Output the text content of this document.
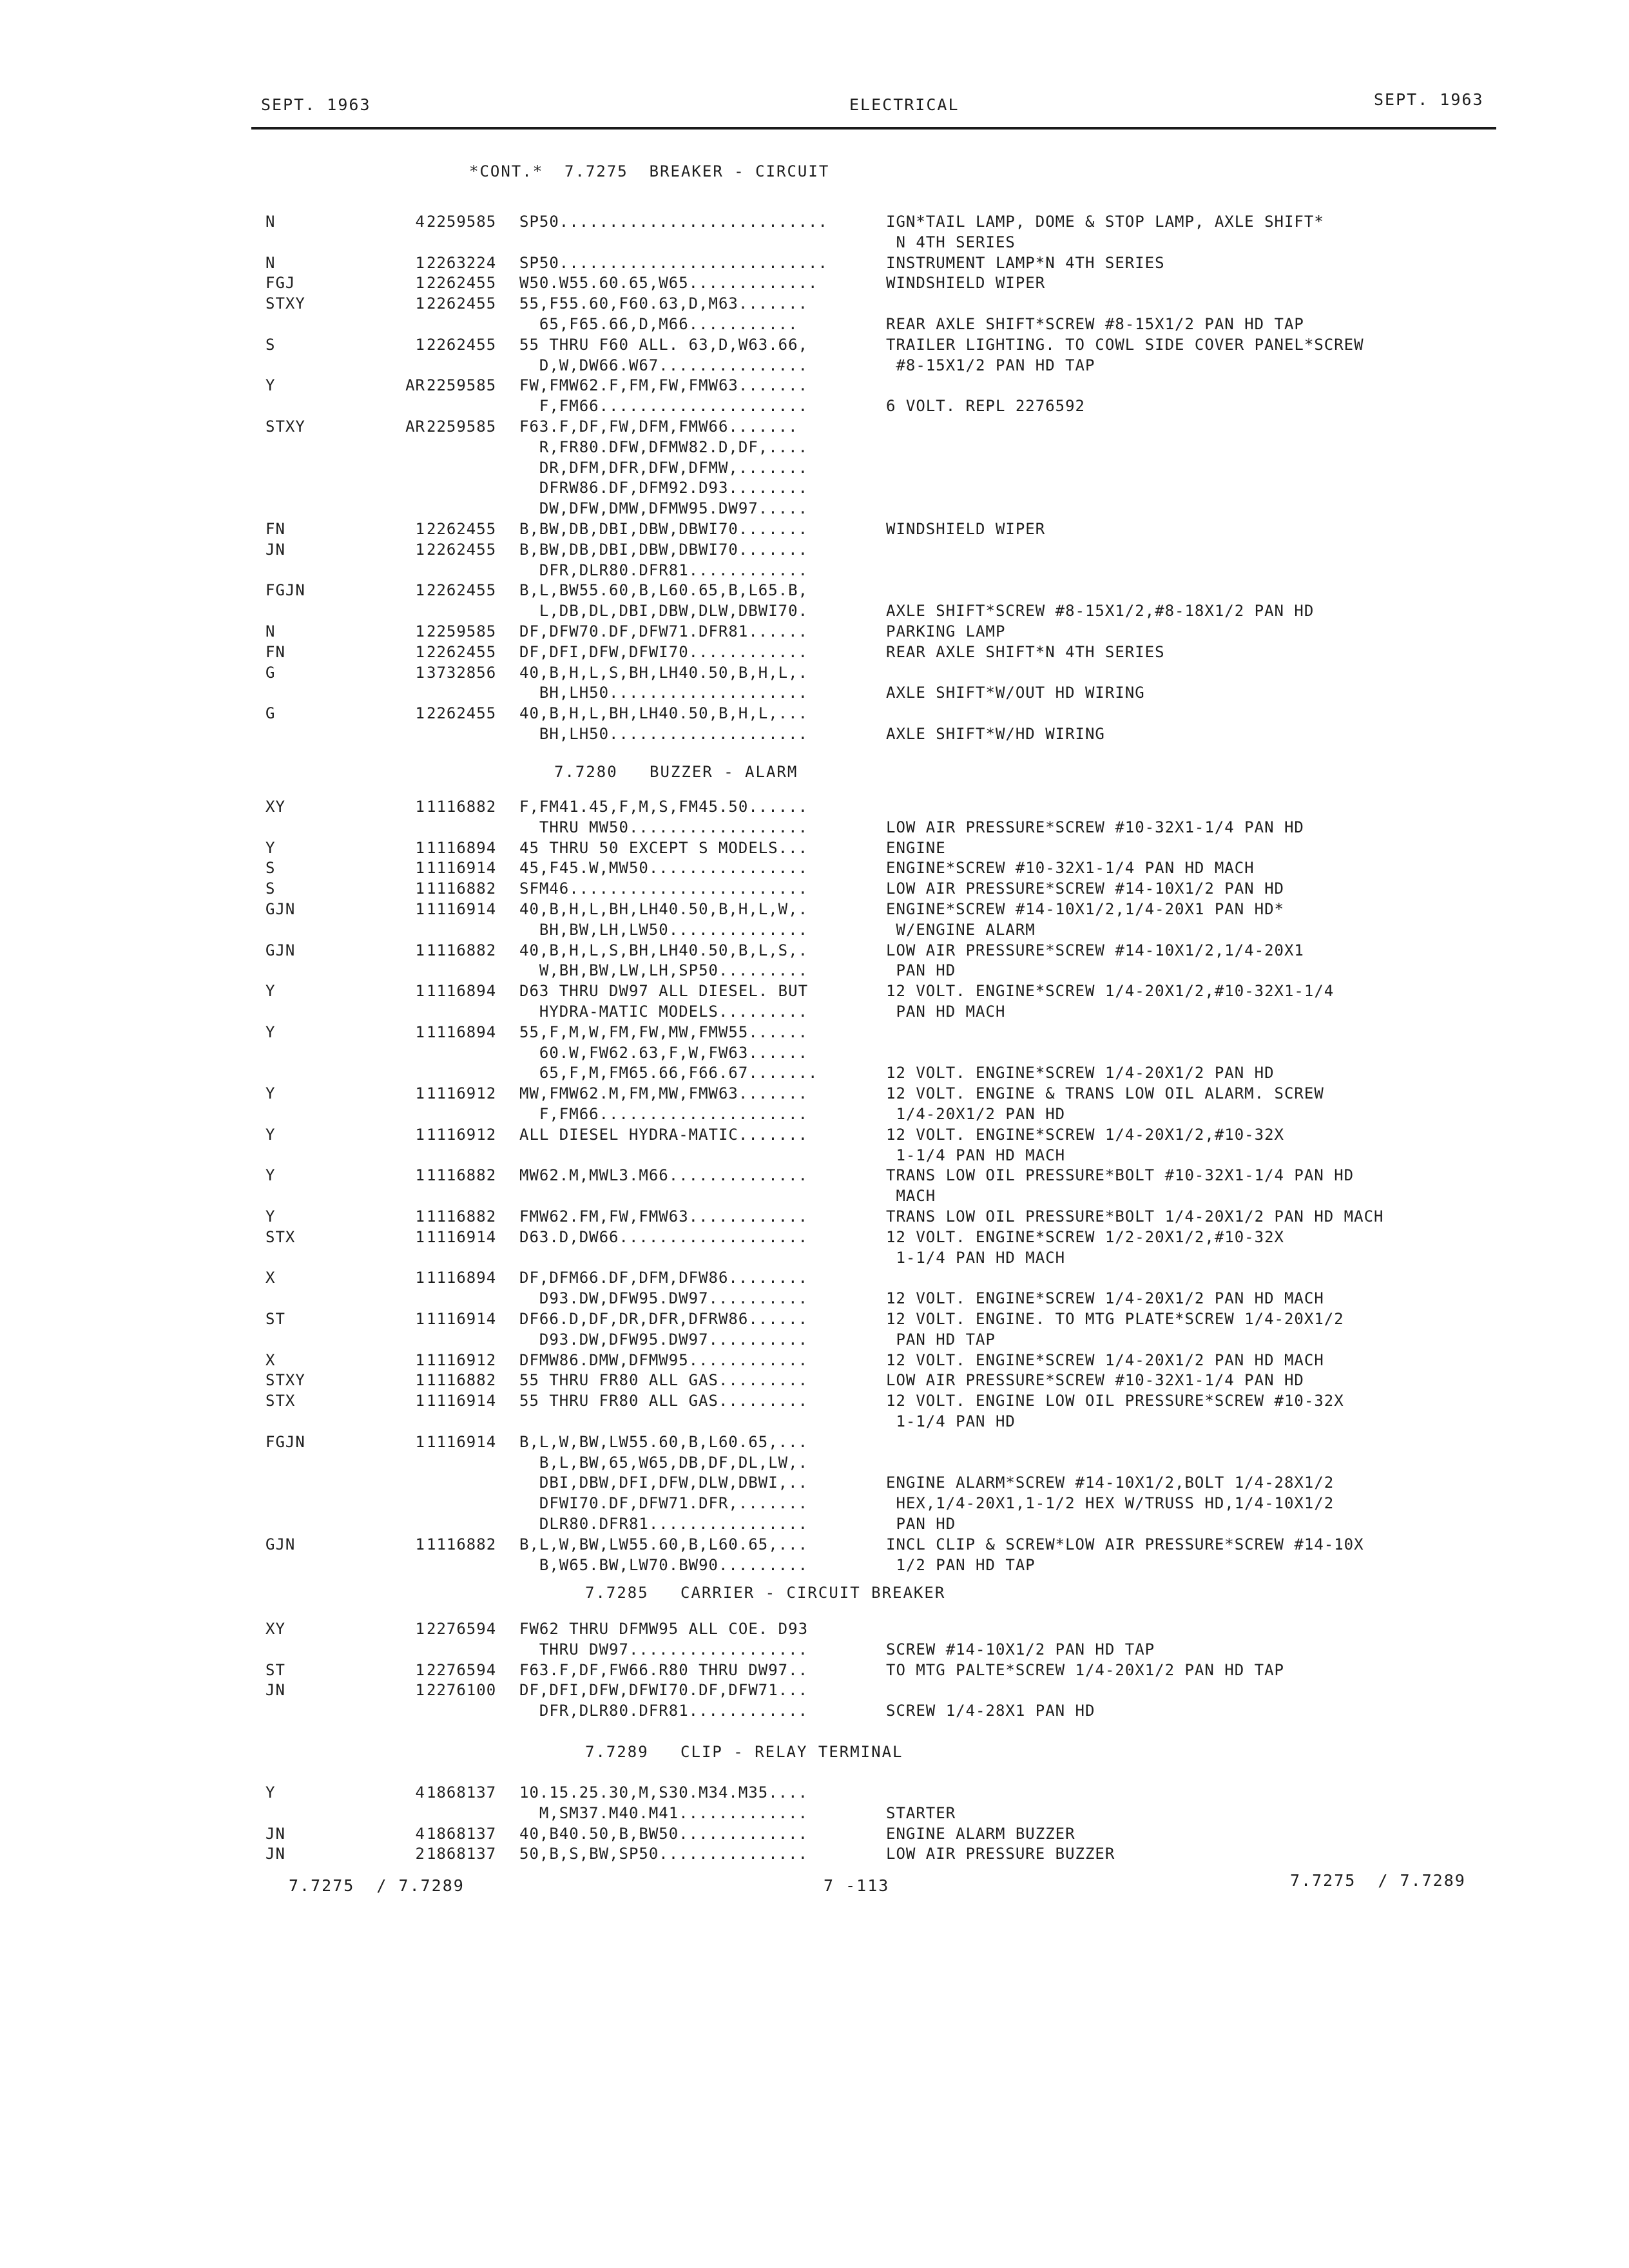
SEPT. 1963	ELECTRICAL	SEPT. 1963
*CONT.*  7.7275  BREAKER - CIRCUIT
N	4 2259585 SP50...........................	IGN*TAIL LAMP, DOME & STOP LAMP, AXLE SHIFT*
N 4TH SERIES
N	1 2263224 SP50...........................	INSTRUMENT LAMP*N 4TH SERIES
FGJ	1 2262455 W50.W55.60.65,W65.............	WINDSHIELD WIPER
STXY	1 2262455 55,F55.60,F60.63,D,M63.......
65,F65.66,D,M66...........	REAR AXLE SHIFT*SCREW #8-15X1/2 PAN HD TAP
S	1 2262455 55 THRU F60 ALL. 63,D,W63.66,	TRAILER LIGHTING. TO COWL SIDE COVER PANEL*SCREW
D,W,DW66.W67...............	#8-15X1/2 PAN HD TAP
Y	AR 2259585 FW,FMW62.F,FM,FW,FMW63.......
F,FM66.....................	6 VOLT. REPL 2276592
STXY	AR 2259585 F63.F,DF,FW,DFM,FMW66.......
R,FR80.DFW,DFMW82.D,DF,....
DR,DFM,DFR,DFW,DFMW,.......
DFRW86.DF,DFM92.D93........
DW,DFW,DMW,DFMW95.DW97.....
FN	1 2262455 B,BW,DB,DBI,DBW,DBWI70.......	WINDSHIELD WIPER
JN	1 2262455 B,BW,DB,DBI,DBW,DBWI70.......
DFR,DLR80.DFR81............
FGJN	1 2262455 B,L,BW55.60,B,L60.65,B,L65.B,
L,DB,DL,DBI,DBW,DLW,DBWI70.	AXLE SHIFT*SCREW #8-15X1/2,#8-18X1/2 PAN HD
N	1 2259585 DF,DFW70.DF,DFW71.DFR81......	PARKING LAMP
FN	1 2262455 DF,DFI,DFW,DFWI70............	REAR AXLE SHIFT*N 4TH SERIES
G	1 3732856 40,B,H,L,S,BH,LH40.50,B,H,L,.
BH,LH50....................	AXLE SHIFT*W/OUT HD WIRING
G	1 2262455 40,B,H,L,BH,LH40.50,B,H,L,...
BH,LH50....................	AXLE SHIFT*W/HD WIRING
7.7280   BUZZER - ALARM
XY	1 1116882 F,FM41.45,F,M,S,FM45.50......
THRU MW50..................	LOW AIR PRESSURE*SCREW #10-32X1-1/4 PAN HD
Y	1 1116894 45 THRU 50 EXCEPT S MODELS...	ENGINE
S	1 1116914 45,F45.W,MW50................	ENGINE*SCREW #10-32X1-1/4 PAN HD MACH
S	1 1116882 SFM46........................	LOW AIR PRESSURE*SCREW #14-10X1/2 PAN HD
GJN	1 1116914 40,B,H,L,BH,LH40.50,B,H,L,W,.	ENGINE*SCREW #14-10X1/2,1/4-20X1 PAN HD*
BH,BW,LH,LW50..............	W/ENGINE ALARM
GJN	1 1116882 40,B,H,L,S,BH,LH40.50,B,L,S,.	LOW AIR PRESSURE*SCREW #14-10X1/2,1/4-20X1
W,BH,BW,LW,LH,SP50.........	PAN HD
Y	1 1116894 D63 THRU DW97 ALL DIESEL. BUT	12 VOLT. ENGINE*SCREW 1/4-20X1/2,#10-32X1-1/4
HYDRA-MATIC MODELS.........	PAN HD MACH
Y	1 1116894 55,F,M,W,FM,FW,MW,FMW55......
60.W,FW62.63,F,W,FW63......
65,F,M,FM65.66,F66.67.......	12 VOLT. ENGINE*SCREW 1/4-20X1/2 PAN HD
Y	1 1116912 MW,FMW62.M,FM,MW,FMW63.......	12 VOLT. ENGINE & TRANS LOW OIL ALARM. SCREW
F,FM66.....................	1/4-20X1/2 PAN HD
Y	1 1116912 ALL DIESEL HYDRA-MATIC.......	12 VOLT. ENGINE*SCREW 1/4-20X1/2,#10-32X
1-1/4 PAN HD MACH
Y	1 1116882 MW62.M,MWL3.M66..............	TRANS LOW OIL PRESSURE*BOLT #10-32X1-1/4 PAN HD
MACH
Y	1 1116882 FMW62.FM,FW,FMW63............	TRANS LOW OIL PRESSURE*BOLT 1/4-20X1/2 PAN HD MACH
STX	1 1116914 D63.D,DW66...................	12 VOLT. ENGINE*SCREW 1/2-20X1/2,#10-32X
1-1/4 PAN HD MACH
X	1 1116894 DF,DFM66.DF,DFM,DFW86........
D93.DW,DFW95.DW97..........	12 VOLT. ENGINE*SCREW 1/4-20X1/2 PAN HD MACH
ST	1 1116914 DF66.D,DF,DR,DFR,DFRW86......	12 VOLT. ENGINE. TO MTG PLATE*SCREW 1/4-20X1/2
D93.DW,DFW95.DW97..........	PAN HD TAP
X	1 1116912 DFMW86.DMW,DFMW95............	12 VOLT. ENGINE*SCREW 1/4-20X1/2 PAN HD MACH
STXY	1 1116882 55 THRU FR80 ALL GAS.........	LOW AIR PRESSURE*SCREW #10-32X1-1/4 PAN HD
STX	1 1116914 55 THRU FR80 ALL GAS.........	12 VOLT. ENGINE LOW OIL PRESSURE*SCREW #10-32X
1-1/4 PAN HD
FGJN	1 1116914 B,L,W,BW,LW55.60,B,L60.65,...
B,L,BW,65,W65,DB,DF,DL,LW,.
DBI,DBW,DFI,DFW,DLW,DBWI,..	ENGINE ALARM*SCREW #14-10X1/2,BOLT 1/4-28X1/2
DFWI70.DF,DFW71.DFR,.......	HEX,1/4-20X1,1-1/2 HEX W/TRUSS HD,1/4-10X1/2
DLR80.DFR81................	PAN HD
GJN	1 1116882 B,L,W,BW,LW55.60,B,L60.65,...	INCL CLIP & SCREW*LOW AIR PRESSURE*SCREW #14-10X
B,W65.BW,LW70.BW90.........	1/2 PAN HD TAP
7.7285   CARRIER - CIRCUIT BREAKER
XY	1 2276594 FW62 THRU DFMW95 ALL COE. D93
THRU DW97..................	SCREW #14-10X1/2 PAN HD TAP
ST	1 2276594 F63.F,DF,FW66.R80 THRU DW97..	TO MTG PALTE*SCREW 1/4-20X1/2 PAN HD TAP
JN	1 2276100 DF,DFI,DFW,DFWI70.DF,DFW71...
DFR,DLR80.DFR81............	SCREW 1/4-28X1 PAN HD
7.7289   CLIP - RELAY TERMINAL
Y	4 1868137 10.15.25.30,M,S30.M34.M35....
M,SM37.M40.M41.............	STARTER
JN	4 1868137 40,B40.50,B,BW50.............	ENGINE ALARM BUZZER
JN	2 1868137 50,B,S,BW,SP50...............	LOW AIR PRESSURE BUZZER
7.7275  / 7.7289	7 -113	7.7275  / 7.7289
